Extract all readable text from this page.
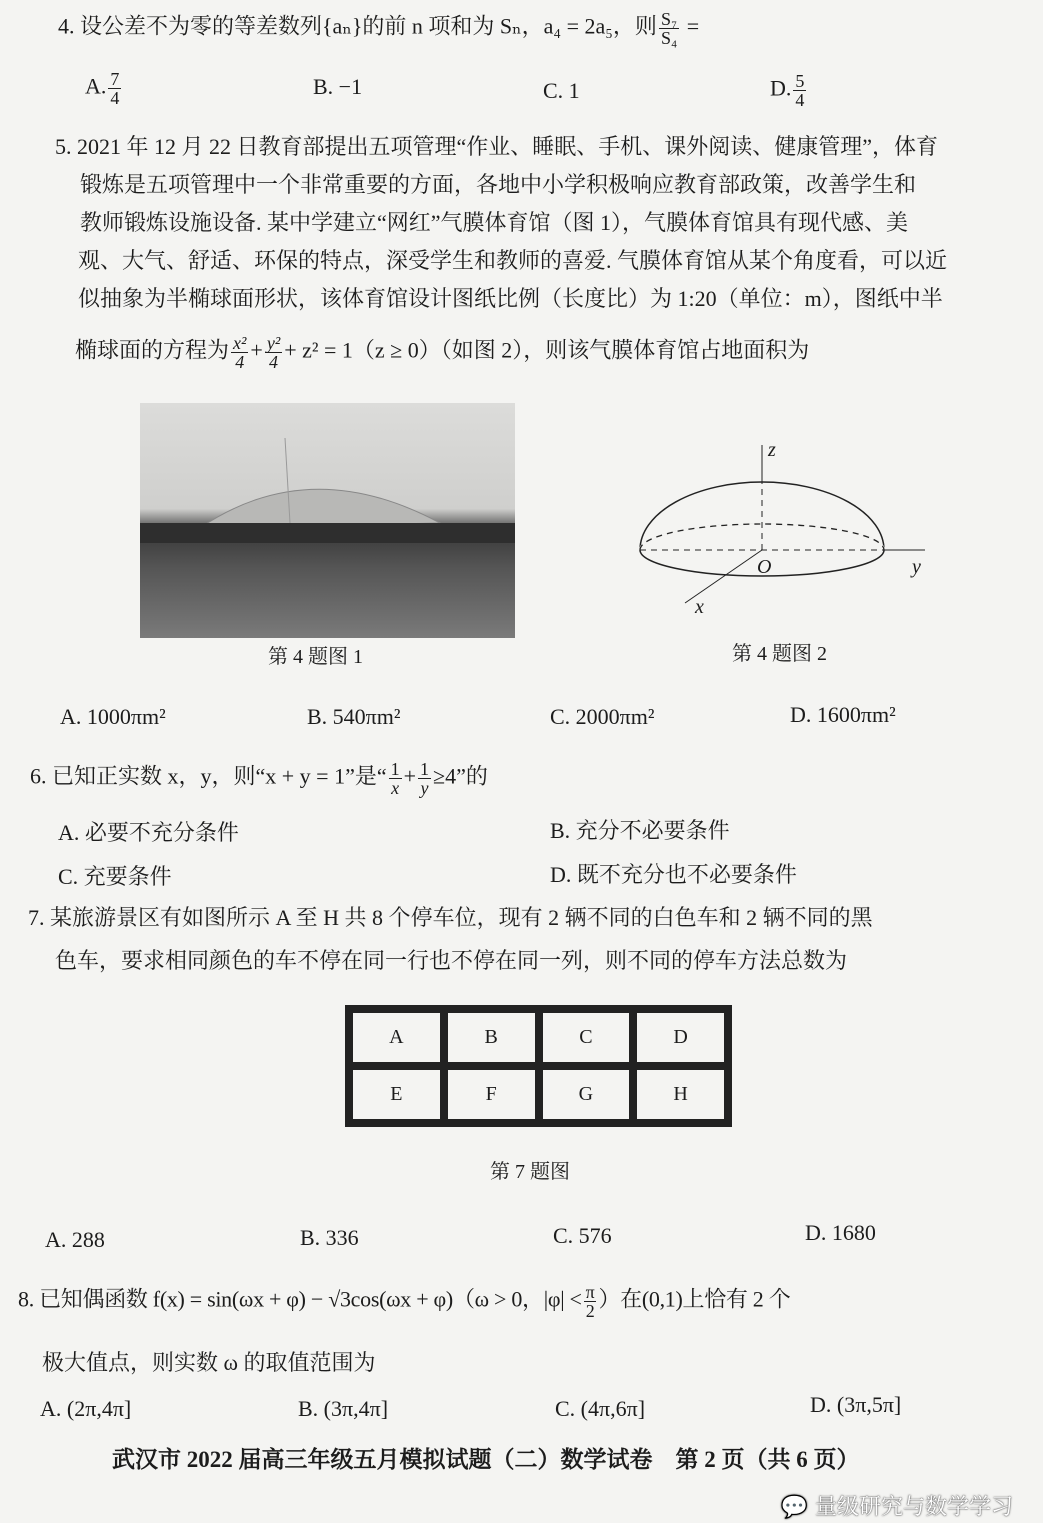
4. 设公差不为零的等差数列{aₙ}的前 n 项和为 Sₙ，a₄ = 2a₅，则 $\frac{\text{S₇}}{\text{S₄}}$ =
A. $\frac{7}{4}$	B. −1	C. 1	D. $\frac{5}{4}$
5. 2021 年 12 月 22 日教育部提出五项管理“作业、睡眠、手机、课外阅读、健康管理”，体育
锻炼是五项管理中一个非常重要的方面，各地中小学积极响应教育部政策，改善学生和
教师锻炼设施设备. 某中学建立“网红”气膜体育馆（图 1），气膜体育馆具有现代感、美
观、大气、舒适、环保的特点，深受学生和教师的喜爱. 气膜体育馆从某个角度看，可以近
似抽象为半椭球面形状，该体育馆设计图纸比例（长度比）为 1:20（单位：m），图纸中半
椭球面的方程为 $\frac{\text{x²}}{4} + \frac{\text{y²}}{4} + z^2 = 1(z \ge 0)$（如图 2），则该气膜体育馆占地面积为
z
y
x
O
第 4 题图 1	第 4 题图 2
A. 1000πm²	B. 540πm²	C. 2000πm²	D. 1600πm²
6. 已知正实数 x，y，则“x + y = 1”是“ $\frac{1}{x} + \frac{1}{y} \ge 4$”的
A. 必要不充分条件	B. 充分不必要条件
C. 充要条件	D. 既不充分也不必要条件
7. 某旅游景区有如图所示 A 至 H 共 8 个停车位，现有 2 辆不同的白色车和 2 辆不同的黑
色车，要求相同颜色的车不停在同一行也不停在同一列，则不同的停车方法总数为
A	B	C	D
E	F	G	H
第 7 题图
A. 288	B. 336	C. 576	D. 1680
8. 已知偶函数 f(x) = sin(ωx + φ) − √3cos(ωx + φ)（ω > 0，$|\varphi| < \frac{\pi}{2}$ ）在(0,1)上恰有 2 个
极大值点，则实数 ω 的取值范围为
A. (2π,4π]	B. (3π,4π]	C. (4π,6π]	D. (3π,5π]
武汉市 2022 届高三年级五月模拟试题（二）数学试卷　第 2 页（共 6 页）
💬 量级研究与数学学习
